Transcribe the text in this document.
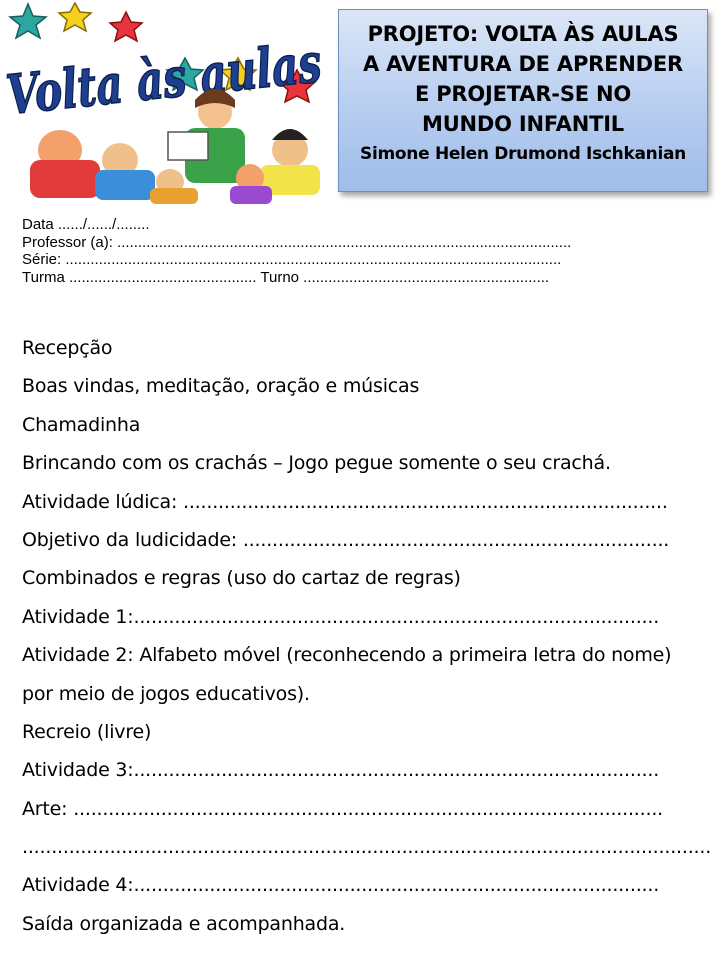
Volta às aulas
PROJETO: VOLTA ÀS AULAS
A AVENTURA DE APRENDER
E PROJETAR-SE NO
MUNDO INFANTIL
Simone Helen Drumond Ischkanian
Data ....../....../........
Professor (a): .............................................................................................................
Série: .......................................................................................................................
Turma ............................................. Turno ...........................................................
Recepção
Boas vindas, meditação, oração e músicas
Chamadinha
Brincando com os crachás – Jogo pegue somente o seu crachá.
Atividade lúdica: ...................................................................................
Objetivo da ludicidade: .........................................................................
Combinados e regras (uso do cartaz de regras)
Atividade 1:..........................................................................................
Atividade 2: Alfabeto móvel (reconhecendo a primeira letra do nome)
por meio de jogos educativos).
Recreio (livre)
Atividade 3:..........................................................................................
Arte: .....................................................................................................
......................................................................................................................
Atividade 4:..........................................................................................
Saída organizada e acompanhada.
